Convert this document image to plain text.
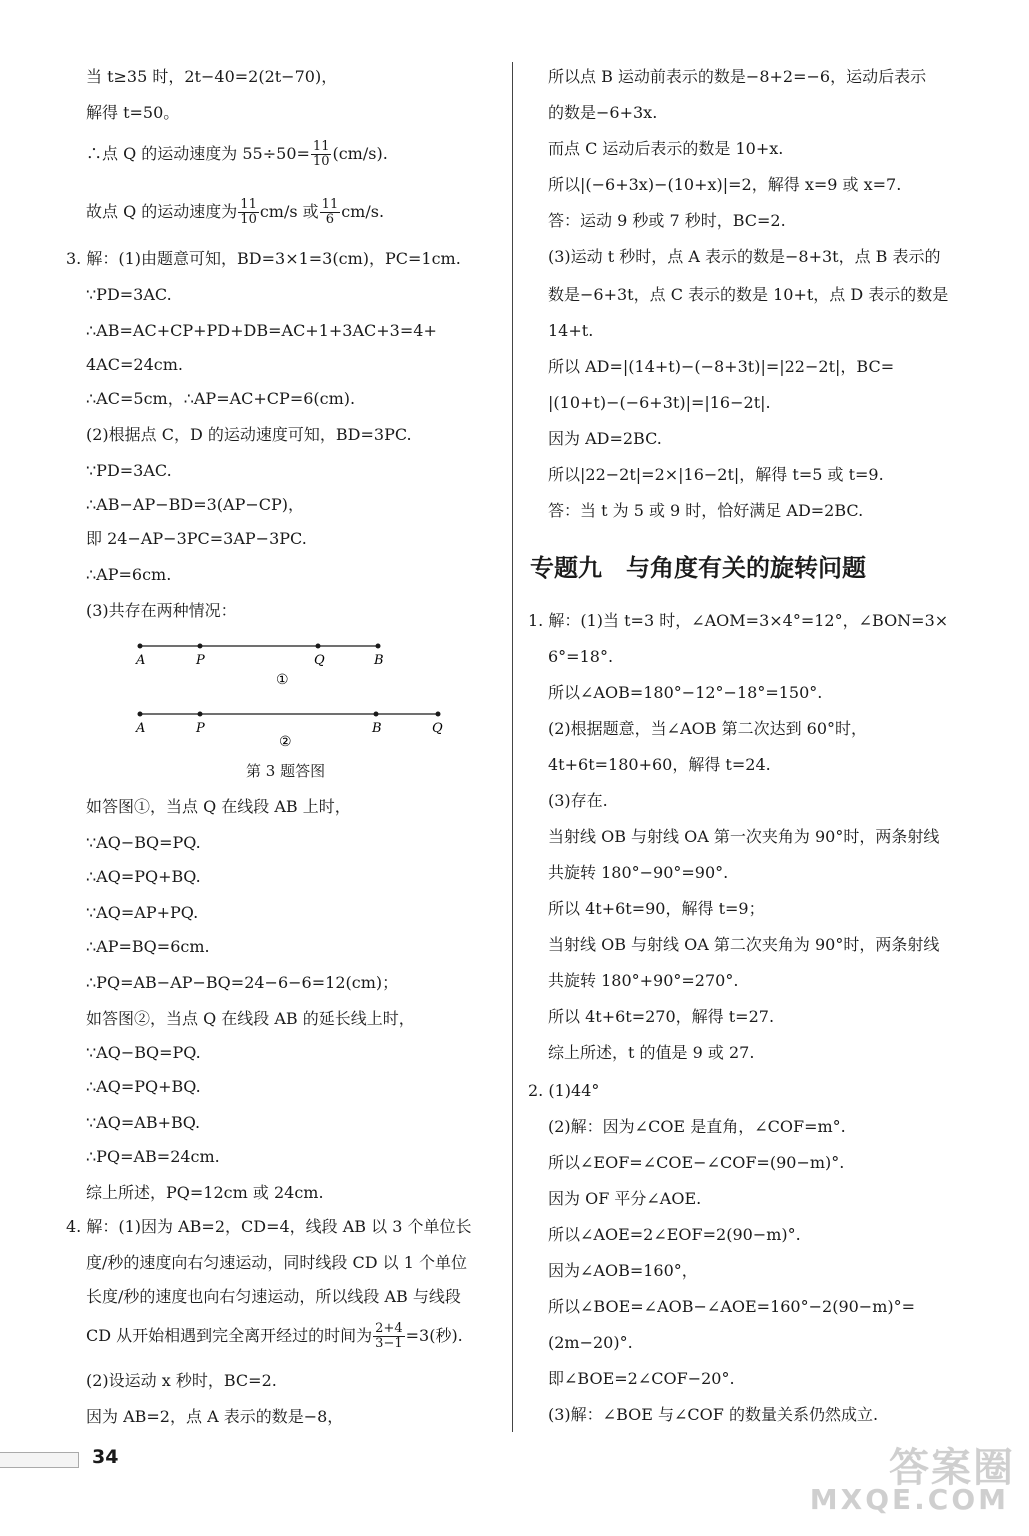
当 t≥35 时，2t−40=2(2t−70)，
解得 t=50。
∴点 Q 的运动速度为 $55\div 50= \frac{11}{10} (cm/s)$.
故点 Q 的运动速度为 $\frac{11}{10} cm/s$ 或 $\frac{11}{6} cm/s$.
3. 解：(1)由题意可知，BD=3×1=3(cm)，PC=1cm.
∵PD=3AC.
∴AB=AC+CP+PD+DB=AC+1+3AC+3=4+
4AC=24cm.
∴AC=5cm，∴AP=AC+CP=6(cm).
(2)根据点 C，D 的运动速度可知，BD=3PC.
∵PD=3AC.
∴AB−AP−BD=3(AP−CP)，
即 24−AP−3PC=3AP−3PC.
∴AP=6cm.
(3)共存在两种情况：
A	P	Q	B
①
A	P	B	Q
②
第 3 题答图
如答图①，当点 Q 在线段 AB 上时，
∵AQ−BQ=PQ.
∴AQ=PQ+BQ.
∵AQ=AP+PQ.
∴AP=BQ=6cm.
∴PQ=AB−AP−BQ=24−6−6=12(cm)；
如答图②，当点 Q 在线段 AB 的延长线上时，
∵AQ−BQ=PQ.
∴AQ=PQ+BQ.
∵AQ=AB+BQ.
∴PQ=AB=24cm.
综上所述，PQ=12cm 或 24cm.
4. 解：(1)因为 AB=2，CD=4，线段 AB 以 3 个单位长
度/秒的速度向右匀速运动，同时线段 CD 以 1 个单位
长度/秒的速度也向右匀速运动，所以线段 AB 与线段
CD 从开始相遇到完全离开经过的时间为 $\frac{2+4}{3-1} =3$(秒).
(2)设运动 x 秒时，BC=2.
因为 AB=2，点 A 表示的数是−8，
所以点 B 运动前表示的数是−8+2=−6，运动后表示
的数是−6+3x.
而点 C 运动后表示的数是 10+x.
所以|(−6+3x)−(10+x)|=2，解得 x=9 或 x=7.
答：运动 9 秒或 7 秒时，BC=2.
(3)运动 t 秒时，点 A 表示的数是−8+3t，点 B 表示的
数是−6+3t，点 C 表示的数是 10+t，点 D 表示的数是
14+t.
所以 AD=|(14+t)−(−8+3t)|=|22−2t|，BC=
|(10+t)−(−6+3t)|=|16−2t|.
因为 AD=2BC.
所以|22−2t|=2×|16−2t|，解得 t=5 或 t=9.
答：当 t 为 5 或 9 时，恰好满足 AD=2BC.
专题九　与角度有关的旋转问题
1. 解：(1)当 t=3 时，∠AOM=3×4°=12°，∠BON=3×
6°=18°.
所以∠AOB=180°−12°−18°=150°.
(2)根据题意，当∠AOB 第二次达到 60°时，
4t+6t=180+60，解得 t=24.
(3)存在.
当射线 OB 与射线 OA 第一次夹角为 90°时，两条射线
共旋转 180°−90°=90°.
所以 4t+6t=90，解得 t=9；
当射线 OB 与射线 OA 第二次夹角为 90°时，两条射线
共旋转 180°+90°=270°.
所以 4t+6t=270，解得 t=27.
综上所述，t 的值是 9 或 27.
2. (1)44°
(2)解：因为∠COE 是直角，∠COF=m°.
所以∠EOF=∠COE−∠COF=(90−m)°.
因为 OF 平分∠AOE.
所以∠AOE=2∠EOF=2(90−m)°.
因为∠AOB=160°，
所以∠BOE=∠AOB−∠AOE=160°−2(90−m)°=
(2m−20)°.
即∠BOE=2∠COF−20°.
(3)解：∠BOE 与∠COF 的数量关系仍然成立.
34	答案圈
MXQE.COM
